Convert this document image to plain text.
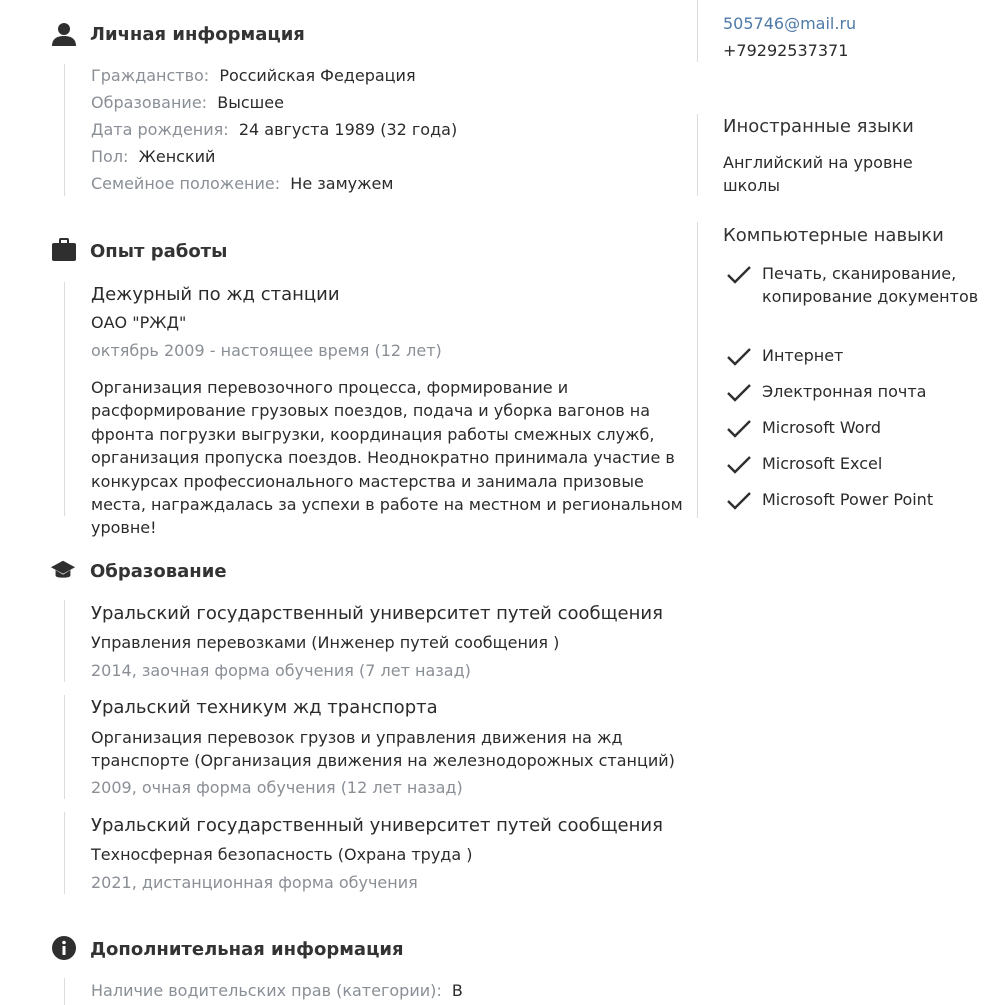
Личная информация
Гражданство: Российская Федерация
Образование: Высшее
Дата рождения: 24 августа 1989 (32 года)
Пол: Женский
Семейное положение: Не замужем
Опыт работы
Дежурный по жд станции
ОАО "РЖД"
октябрь 2009 - настоящее время (12 лет)
Организация перевозочного процесса, формирование и расформирование грузовых поездов, подача и уборка вагонов на фронта погрузки выгрузки, координация работы смежных служб, организация пропуска поездов. Неоднократно принимала участие в конкурсах профессионального мастерства и занимала призовые места, награждалась за успехи в работе на местном и региональном уровне!
Образование
Уральский государственный университет путей сообщения
Управления перевозками (Инженер путей сообщения )
2014, заочная форма обучения (7 лет назад)
Уральский техникум жд транспорта
Организация перевозок грузов и управления движения на жд транспорте (Организация движения на железнодорожных станций)
2009, очная форма обучения (12 лет назад)
Уральский государственный университет путей сообщения
Техносферная безопасность (Охрана труда )
2021, дистанционная форма обучения
Дополнительная информация
Наличие водительских прав (категории): B
505746@mail.ru
+79292537371
Иностранные языки
Английский на уровне школы
Компьютерные навыки
Печать, сканирование, копирование документов
Интернет
Электронная почта
Microsoft Word
Microsoft Excel
Microsoft Power Point
